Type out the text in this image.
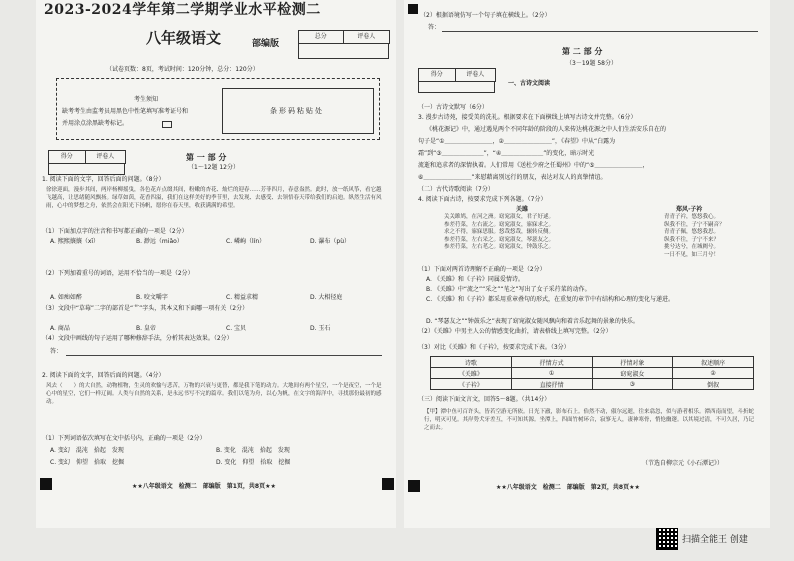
2023-2024学年第二学期学业水平检测二
八年级语文	部编版
总分	评卷人
（试卷页数：8页，考试时间：120分钟，总分：120分）
考生须知
缺考考生由监考员用黑色中性笔填写准考证号和
并用涂点涂黑缺考标记。
条形码粘贴处
得分	评卷人	第 一 部 分
（1～12题 12分）
1. 阅读下面的文字，回答后面的问题。（8分）
徐徐迎面，漫步其间，两岸杨柳摇曳，各色花卉点缀其间，粉嫩的杏花、灿烂的迎春……芳菲四月，春意盎然。此时，放一纸风筝，看它越飞越高，让思绪随风飘扬。绿草如茵，花香四溢，我们在这样美好的季节里，去发现、去感受、去领悟春天带给我们的启迪。纵然生活有风雨，心中的梦想之舟，依然会在阳光下扬帆，愿你在春天里，收获满满的希望。
（1）下面加点字的注音和书写都正确的一项是（2分）
A. 熙熙攘攘（xī）	B. 渺远（miǎo）	C. 嶙峋（lín）	D. 瀑布（pù）
（2）下列加着重号的词语，运用不恰当的一项是（2分）
A. 如痴如醉	B. 咬文嚼字	C. 精益求精	D. 大相径庭
（3）文段中“草莓”二字的部首是“艹”字头，其本义和下面哪一项有关（2分）
A. 商品	B. 皇帝	C. 宝贝	D. 玉石
（4）文段中画线的句子运用了哪种修辞手法，分析其表达效果。（2分）
答：
2. 阅读下面的文字，回答后面的问题。（4分）
风去（　　）的大自然，动物植物，生灵的欢愉与悲苦，万物的兴衰与更替，都是我下笔的动力。大地间有两个星空，一个是夜空，一个是心中的星空，它们一样辽阔。人类与自然的关系，是永远书写不完的篇章。我们以笔为舟，以心为帆，在文字的海洋中，寻找那份最初的感动。
（1）下列词语依次填写在文中括号内，正确的一项是（2分）
A. 变幻　混沌　拾起　发现	B. 变化　混沌　拾起　发现
C. 变幻　仰望　拾取　挖掘	D. 变化　仰望　拾取　挖掘
★★八年级语文　检测二　部编版　第1页，共8页★★
（2）根据语境仿写一个句子填在横线上。（2分）
答：
得分	评卷人
第 二 部 分
（3－19题 58分）
一、古诗文阅读
（一）古诗文默写（6分）
3. 漫步古诗苑，接受美的洗礼。根据要求在下面横线上填写古诗文并完整。（6分）
《桃花源记》中，通过遇见两个不同年龄的阶段的人来传达桃花源之中人们生活安乐自在的
句子是“①＿＿＿＿＿＿＿＿，②＿＿＿＿＿＿＿＿”，《春望》中从“白露为
霜”到“③＿＿＿＿＿＿＿”，“④＿＿＿＿＿＿＿”的变化，暗示时光
流逝和追求者的深情执着。人们常用《送杜少府之任蜀州》中的“⑤＿＿＿＿＿＿＿＿，
⑥＿＿＿＿＿＿＿＿”来慰藉离别远行的朋友，表达对友人的真挚情谊。
（二）古代诗歌阅读（7分）
4. 阅读下面古诗，按要求完成下列各题。（7分）
关雎
关关雎鸠，在河之洲。窈窕淑女，君子好逑。
参差荇菜，左右流之。窈窕淑女，寤寐求之。
求之不得，寤寐思服。悠哉悠哉，辗转反侧。
参差荇菜，左右采之。窈窕淑女，琴瑟友之。
参差荇菜，左右芼之。窈窕淑女，钟鼓乐之。
郑风·子衿
青青子衿，悠悠我心。
纵我不往，子宁不嗣音？
青青子佩，悠悠我思。
纵我不往，子宁不来？
挑兮达兮，在城阙兮。
一日不见，如三月兮！
（1）下面对两首诗理解不正确的一项是（2分）
A. 《关雎》和《子衿》同属爱情诗。
B. 《关雎》中“流之”“采之”“芼之”写出了女子采荇菜的动作。
C. 《关雎》和《子衿》都采用重章叠句的形式，在重复的章节中有结构和心理的变化与递进。
D. “琴瑟友之”“钟鼓乐之”表现了窈窕淑女随风飘向和着音乐起舞的景象的快乐。
（2）《关雎》中男主人公的情感变化曲折，请表格线上填写完整。（2分）
（3）对比《关雎》和《子衿》，按要求完成下表。（3分）
诗歌	抒情方式	抒情对象	叙述顺序
《关雎》	①	窈窕淑女	②
《子衿》	直接抒情	③	倒叙
（三）阅读下面文言文，回答5～8题。（共14分）
【甲】潭中鱼可百许头，皆若空游无所依。日光下澈，影布石上。佁然不动，俶尔远逝，往来翕忽，似与游者相乐。潭西南而望，斗折蛇行，明灭可见。其岸势犬牙差互，不可知其源。坐潭上，四面竹树环合，寂寥无人，凄神寒骨，悄怆幽邃。以其境过清，不可久居，乃记之而去。
（节选自柳宗元《小石潭记》）
★★八年级语文　检测二　部编版　第2页，共8页★★
扫描全能王 创建
